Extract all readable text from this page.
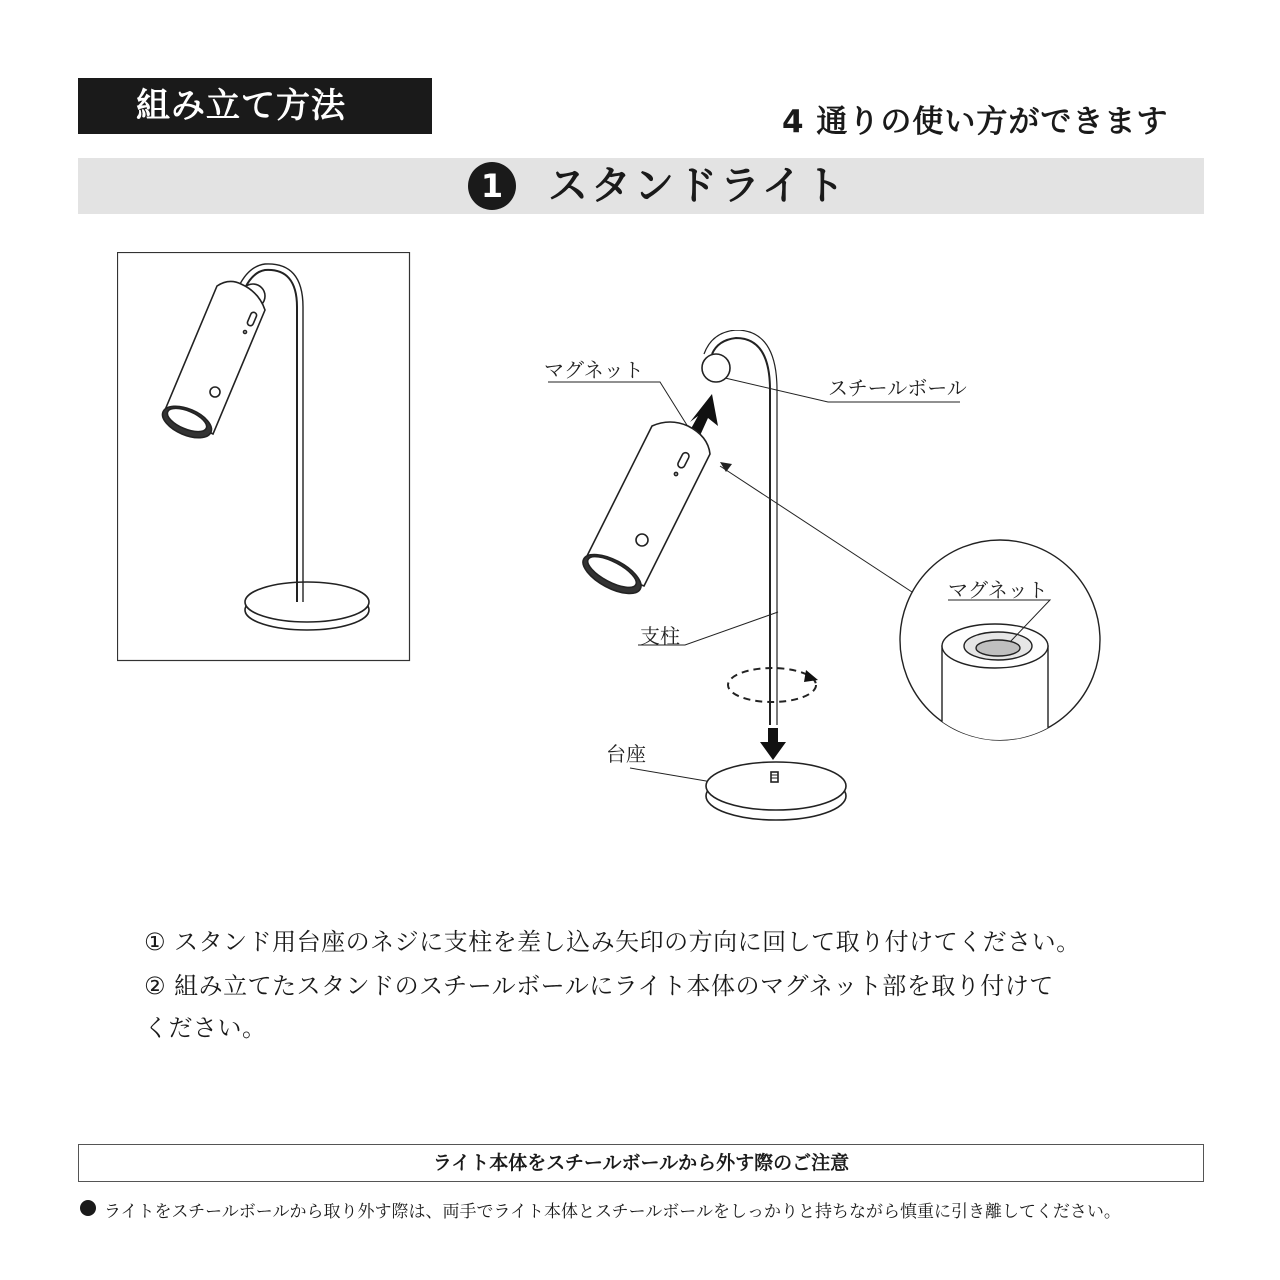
組み立て方法	4 通りの使い方ができます
1	スタンドライト
マグネット
スチールボール
支柱
台座
マグネット
① スタンド用台座のネジに支柱を差し込み矢印の方向に回して取り付けてください。
② 組み立てたスタンドのスチールボールにライト本体のマグネット部を取り付けて
ください。
ライト本体をスチールボールから外す際のご注意
ライトをスチールボールから取り外す際は、両手でライト本体とスチールボールをしっかりと持ちながら慎重に引き離してください。
